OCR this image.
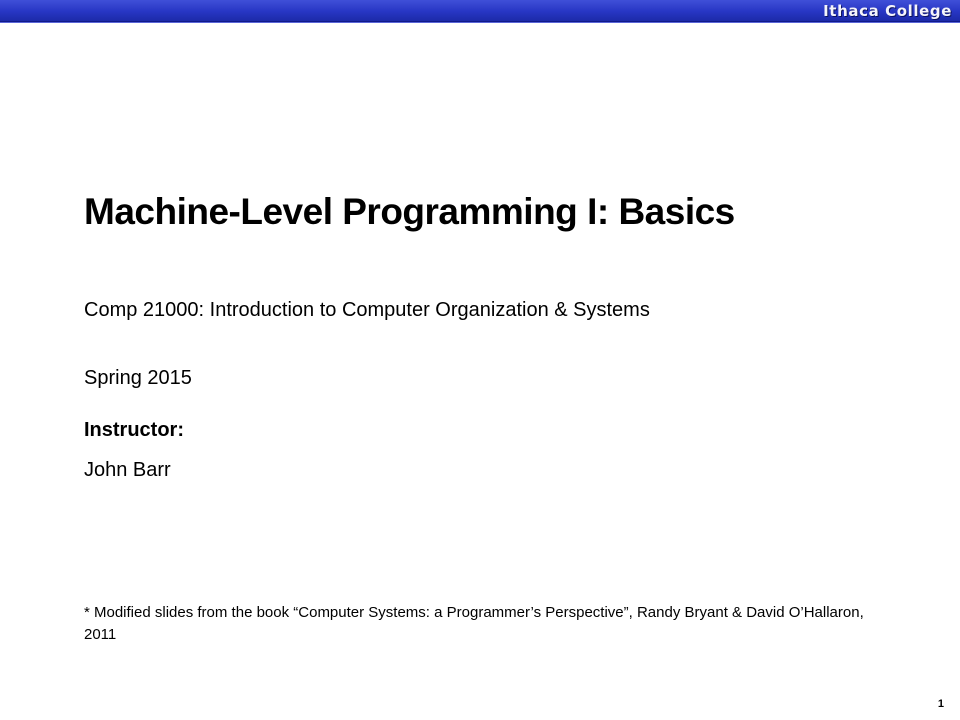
Ithaca College
Machine-Level Programming I: Basics
Comp 21000: Introduction to Computer Organization & Systems
Spring 2015
Instructor:
John Barr
* Modified slides from the book “Computer Systems: a Programmer’s Perspective”, Randy Bryant & David O’Hallaron, 2011
1
